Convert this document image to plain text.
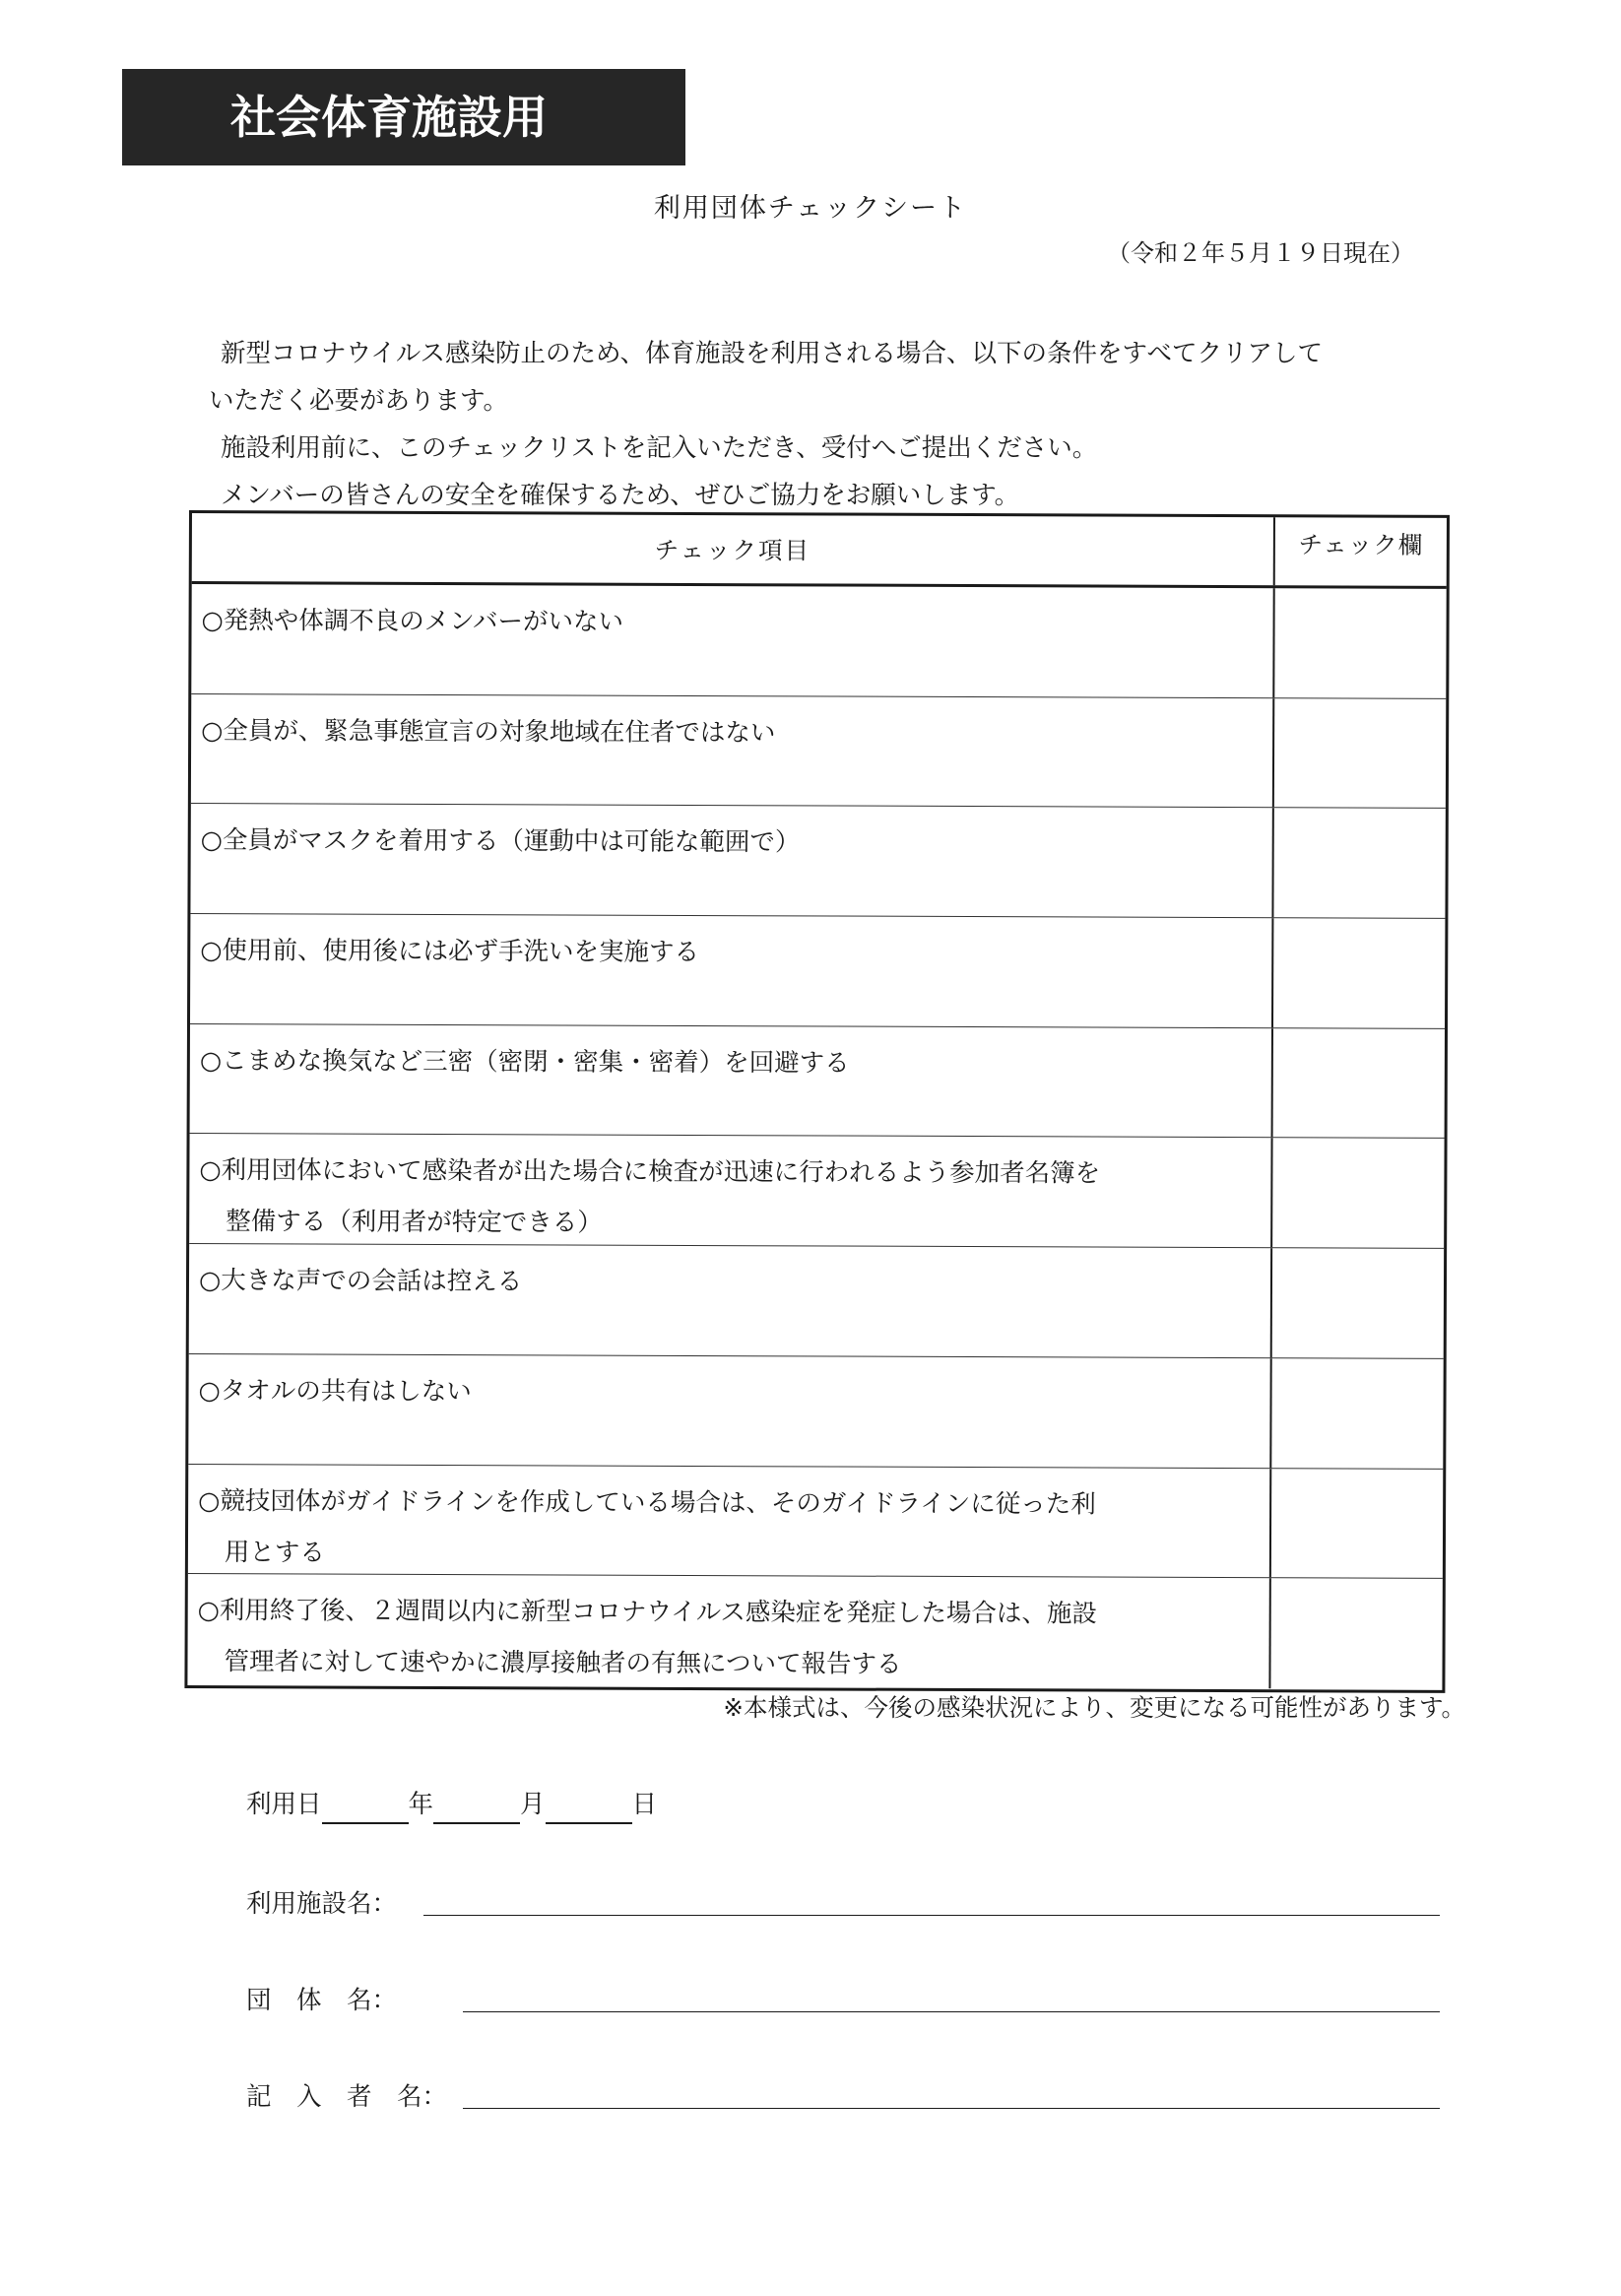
社会体育施設用
利用団体チェックシート
（令和２年５月１９日現在）

新型コロナウイルス感染防止のため、体育施設を利用される場合、以下の条件をすべてクリアして

いただく必要があります。

施設利用前に、このチェックリストを記入いただき、受付へご提出ください。

メンバーの皆さんの安全を確保するため、ぜひご協力をお願いします。

チェック項目	チェック欄
○発熱や体調不良のメンバーがいない
○全員が、緊急事態宣言の対象地域在住者ではない
○全員がマスクを着用する（運動中は可能な範囲で）
○使用前、使用後には必ず手洗いを実施する
○こまめな換気など三密（密閉・密集・密着）を回避する
○利用団体において感染者が出た場合に検査が迅速に行われるよう参加者名簿を
整備する（利用者が特定できる）
○大きな声での会話は控える
○タオルの共有はしない
○競技団体がガイドラインを作成している場合は、そのガイドラインに従った利
用とする
○利用終了後、２週間以内に新型コロナウイルス感染症を発症した場合は、施設
管理者に対して速やかに濃厚接触者の有無について報告する
※本様式は、今後の感染状況により、変更になる可能性があります。
利用日	年	月	日
利用施設名：
団　体　名：
記　入　者　名：
